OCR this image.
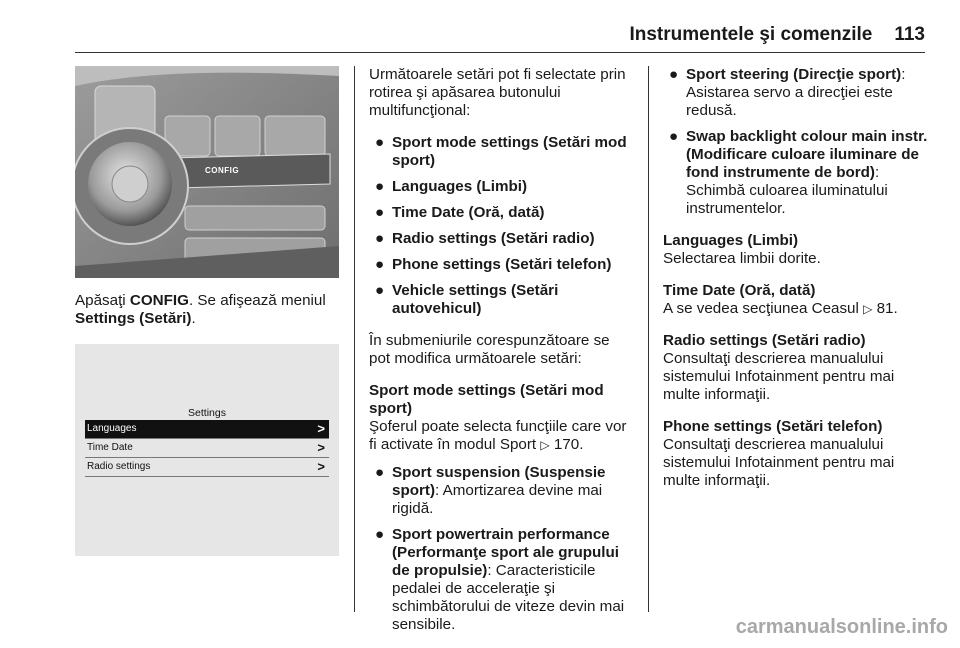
Instrumentele şi comenzile 113
CONFIG

Apăsaţi CONFIG. Se afişează meniul Settings (Setări).

Settings
Languages	>
Time Date	>
Radio settings	>

Următoarele setări pot fi selectate prin rotirea şi apăsarea butonului multifuncţional:

● Sport mode settings (Setări mod sport)
● Languages (Limbi)
● Time Date (Oră, dată)
● Radio settings (Setări radio)
● Phone settings (Setări telefon)
● Vehicle settings (Setări autovehicul)

În submeniurile corespunzătoare se pot modifica următoarele setări:

Sport mode settings (Setări mod sport)
Şoferul poate selecta funcţiile care vor fi activate în modul Sport ▷ 170.

● Sport suspension (Suspensie sport): Amortizarea devine mai rigidă.
● Sport powertrain performance (Performanţe sport ale grupului de propulsie): Caracteristicile pedalei de acceleraţie şi schimbătorului de viteze devin mai sensibile.
● Sport steering (Direcţie sport): Asistarea servo a direcţiei este redusă.
● Swap backlight colour main instr. (Modificare culoare iluminare de fond instrumente de bord): Schimbă culoarea iluminatului instrumentelor.

Languages (Limbi)
Selectarea limbii dorite.

Time Date (Oră, dată)
A se vedea secţiunea Ceasul ▷ 81.

Radio settings (Setări radio)
Consultaţi descrierea manualului sistemului Infotainment pentru mai multe informaţii.

Phone settings (Setări telefon)
Consultaţi descrierea manualului sistemului Infotainment pentru mai multe informaţii.

carmanualsonline.info
